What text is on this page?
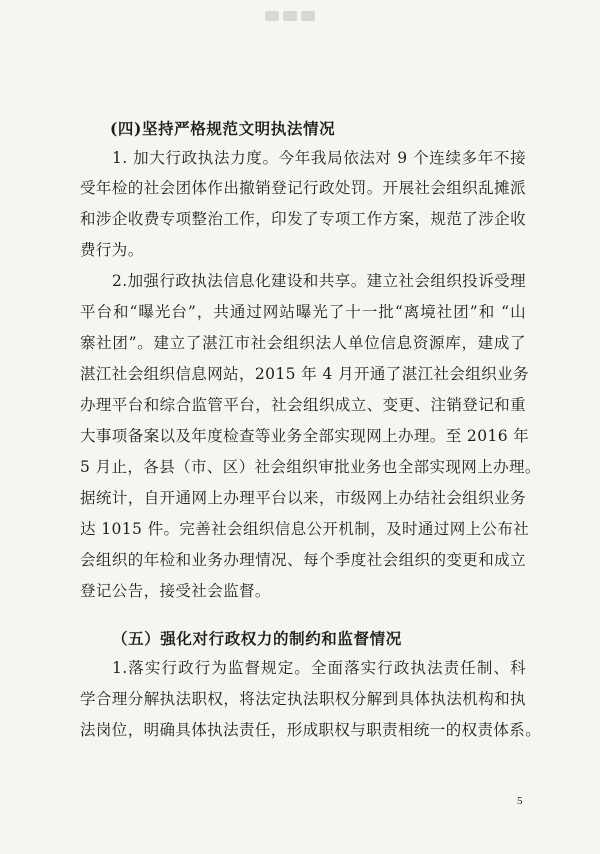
(四)坚持严格规范文明执法情况
1. 加大行政执法力度。今年我局依法对 9 个连续多年不接
受年检的社会团体作出撤销登记行政处罚。开展社会组织乱摊派
和涉企收费专项整治工作，印发了专项工作方案，规范了涉企收
费行为。
2.加强行政执法信息化建设和共享。建立社会组织投诉受理
平台和“曝光台”，共通过网站曝光了十一批“离境社团”和 “山
寨社团”。建立了湛江市社会组织法人单位信息资源库，建成了
湛江社会组织信息网站，2015 年 4 月开通了湛江社会组织业务
办理平台和综合监管平台，社会组织成立、变更、注销登记和重
大事项备案以及年度检查等业务全部实现网上办理。至 2016 年
5 月止，各县（市、区）社会组织审批业务也全部实现网上办理。
据统计，自开通网上办理平台以来，市级网上办结社会组织业务
达 1015 件。完善社会组织信息公开机制，及时通过网上公布社
会组织的年检和业务办理情况、每个季度社会组织的变更和成立
登记公告，接受社会监督。
（五）强化对行政权力的制约和监督情况
1.落实行政行为监督规定。全面落实行政执法责任制、科
学合理分解执法职权，将法定执法职权分解到具体执法机构和执
法岗位，明确具体执法责任，形成职权与职责相统一的权责体系。
5
